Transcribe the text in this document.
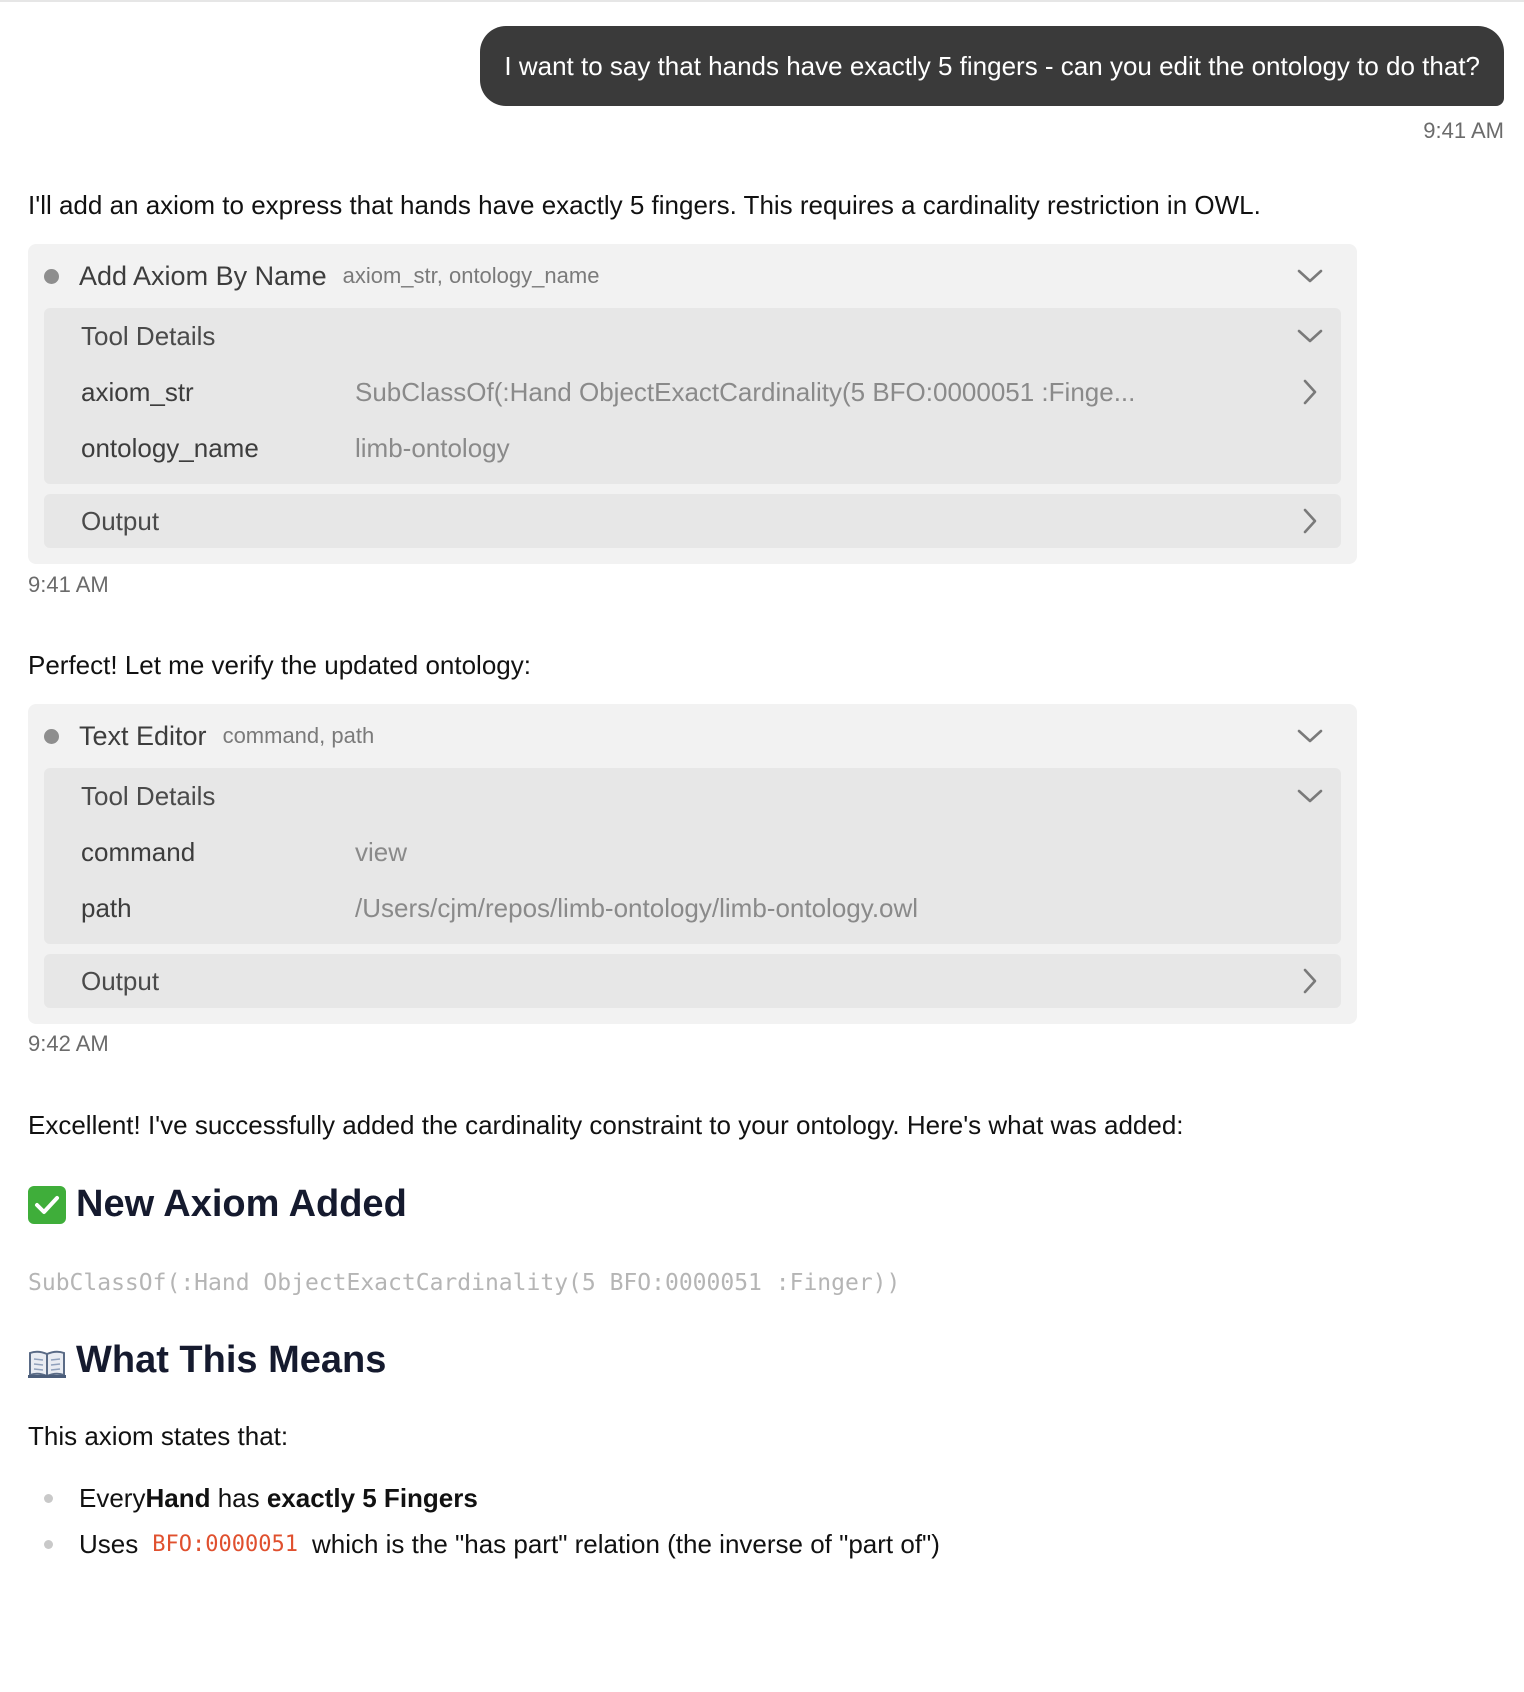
I want to say that hands have exactly 5 fingers - can you edit the ontology to do that?
9:41 AM
I'll add an axiom to express that hands have exactly 5 fingers. This requires a cardinality restriction in OWL.
Add Axiom By Name axiom_str, ontology_name
Tool Details
axiom_str	SubClassOf(:Hand ObjectExactCardinality(5 BFO:0000051 :Finge...
ontology_name	limb-ontology
Output
9:41 AM
Perfect! Let me verify the updated ontology:
Text Editor command, path
Tool Details
command	view
path	/Users/cjm/repos/limb-ontology/limb-ontology.owl
Output
9:42 AM
Excellent! I've successfully added the cardinality constraint to your ontology. Here's what was added:
New Axiom Added
SubClassOf(:Hand ObjectExactCardinality(5 BFO:0000051 :Finger))
What This Means
This axiom states that:
Every Hand has exactly 5 Fingers
Uses BFO:0000051 which is the "has part" relation (the inverse of "part of")
